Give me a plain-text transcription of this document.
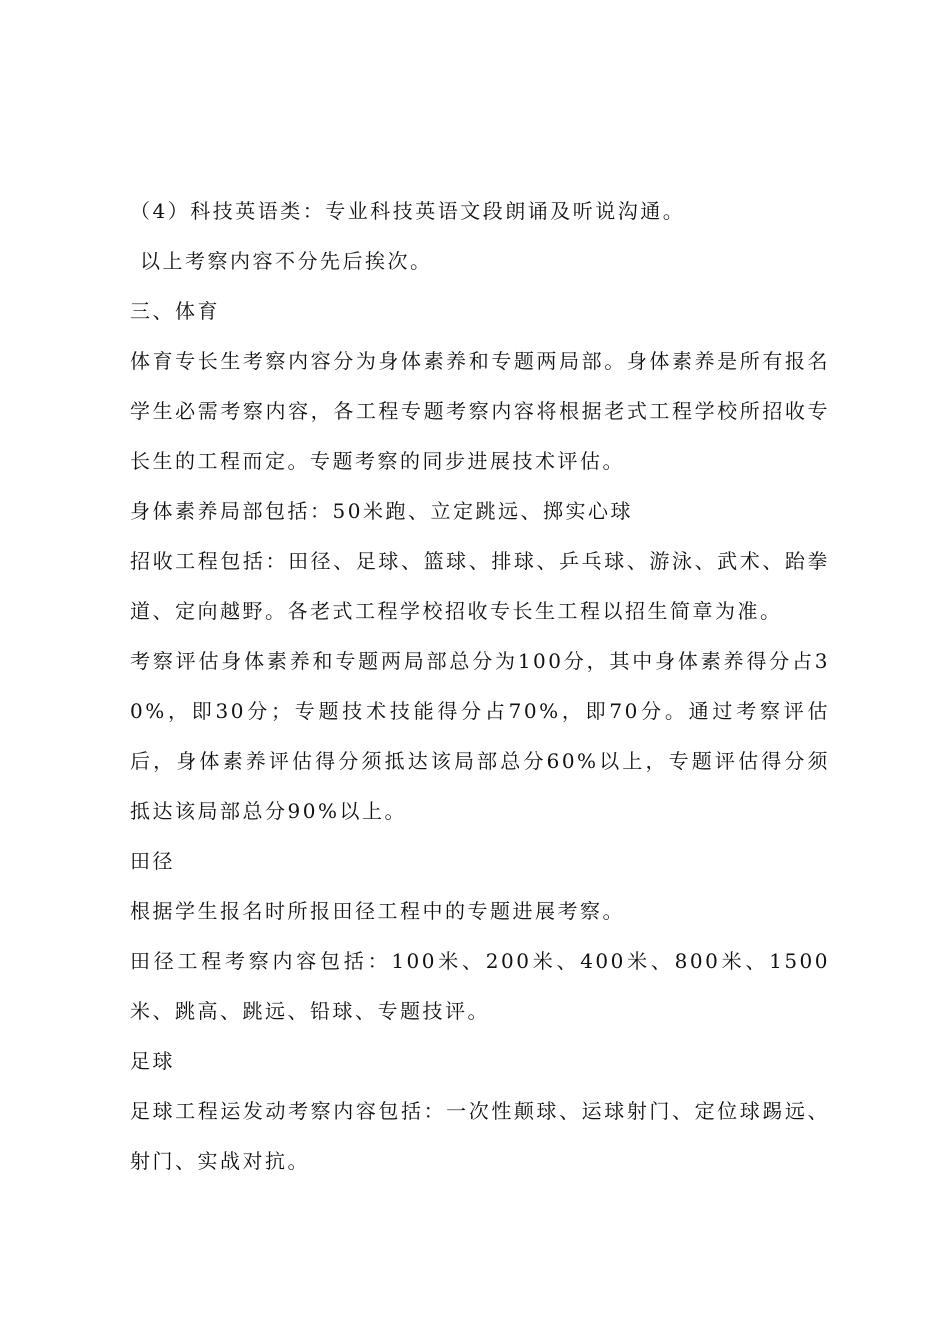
（4）科技英语类：专业科技英语文段朗诵及听说沟通。

以上考察内容不分先后挨次。

三、体育

体育专长生考察内容分为身体素养和专题两局部。身体素养是所有报名学生必需考察内容，各工程专题考察内容将根据老式工程学校所招收专长生的工程而定。专题考察的同步进展技术评估。

身体素养局部包括：50米跑、立定跳远、掷实心球

招收工程包括：田径、足球、篮球、排球、乒乓球、游泳、武术、跆拳道、定向越野。各老式工程学校招收专长生工程以招生简章为准。

考察评估身体素养和专题两局部总分为100分，其中身体素养得分占30%，即30分；专题技术技能得分占70%，即70分。通过考察评估后，身体素养评估得分须抵达该局部总分60%以上，专题评估得分须抵达该局部总分90%以上。

田径

根据学生报名时所报田径工程中的专题进展考察。

田径工程考察内容包括：100米、200米、400米、800米、1500米、跳高、跳远、铅球、专题技评。

足球

足球工程运发动考察内容包括：一次性颠球、运球射门、定位球踢远、射门、实战对抗。
